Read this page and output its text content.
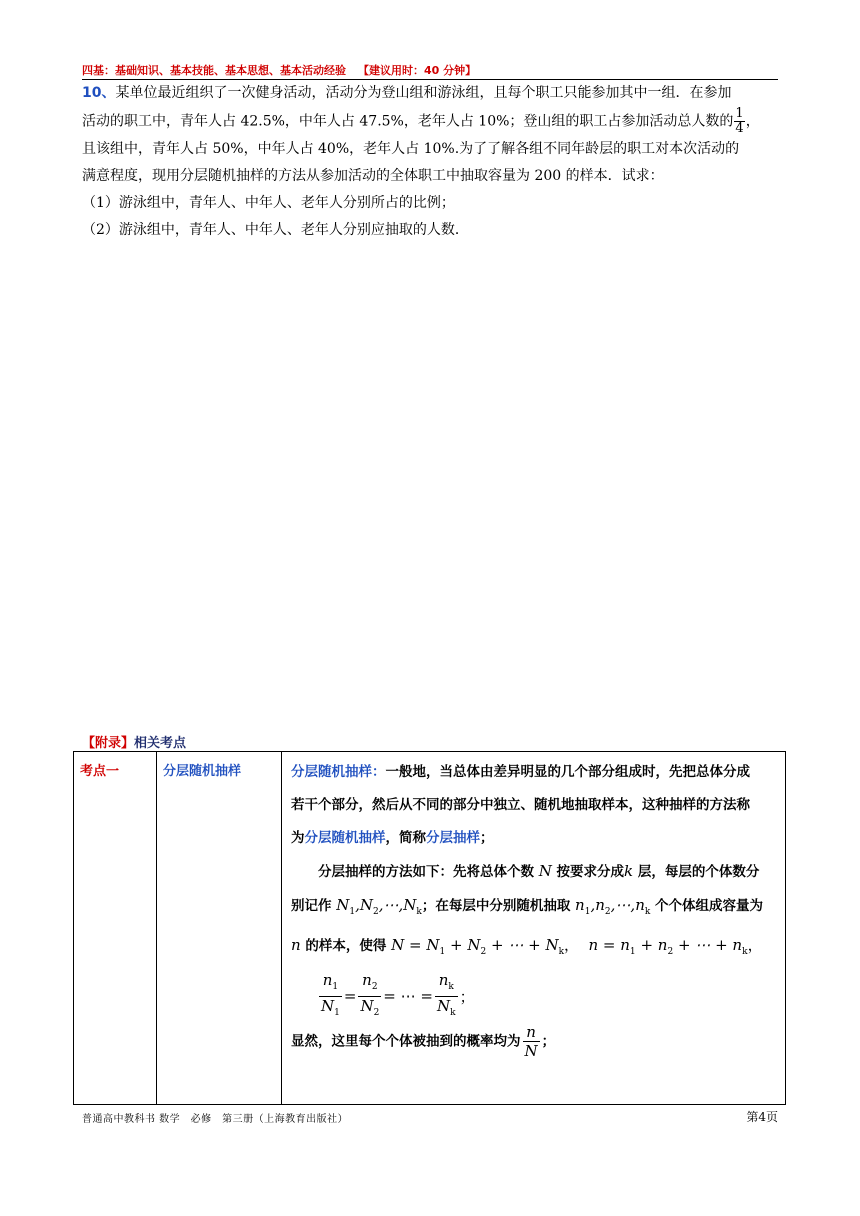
四基：基础知识、基本技能、基本思想、基本活动经验 【建议用时：40 分钟】

10、某单位最近组织了一次健身活动，活动分为登山组和游泳组，且每个职工只能参加其中一组．在参加

活动的职工中，青年人占 42.5%，中年人占 47.5%，老年人占 10%；登山组的职工占参加活动总人数的 $\frac{1}{4}$ ，

且该组中，青年人占 50%，中年人占 40%，老年人占 10%.为了了解各组不同年龄层的职工对本次活动的

满意程度，现用分层随机抽样的方法从参加活动的全体职工中抽取容量为 200 的样本．试求：

（1）游泳组中，青年人、中年人、老年人分别所占的比例；

（2）游泳组中，青年人、中年人、老年人分别应抽取的人数．

【附录】相关考点
考点一	分层随机抽样	分层随机抽样：一般地，当总体由差异明显的几个部分组成时，先把总体分成

若干个部分，然后从不同的部分中独立、随机地抽取样本，这种抽样的方法称

为分层随机抽样，简称分层抽样；

分层抽样的方法如下：先将总体个数 N 按要求分成k 层，每层的个体数分

别记作 $N_1,N_2,\cdots,N_k$；在每层中分别随机抽取 $n_1,n_2,\cdots,n_k$ 个个体组成容量为

n 的样本，使得 $N = N_1 + N_2$ + ⋯ + $N_k$， $n = n_1 + n_2$ + ⋯ + $n_k$，

$\frac{n_1}{N_1} = \frac{n_2}{N_2}$ = ⋯ = $\frac{n_k}{N_k}$ ；

显然，这里每个个体被抽到的概率均为 $\frac{n}{N}$ ；

普通高中教科书 数学　必修　第三册（上海教育出版社）	第4页
